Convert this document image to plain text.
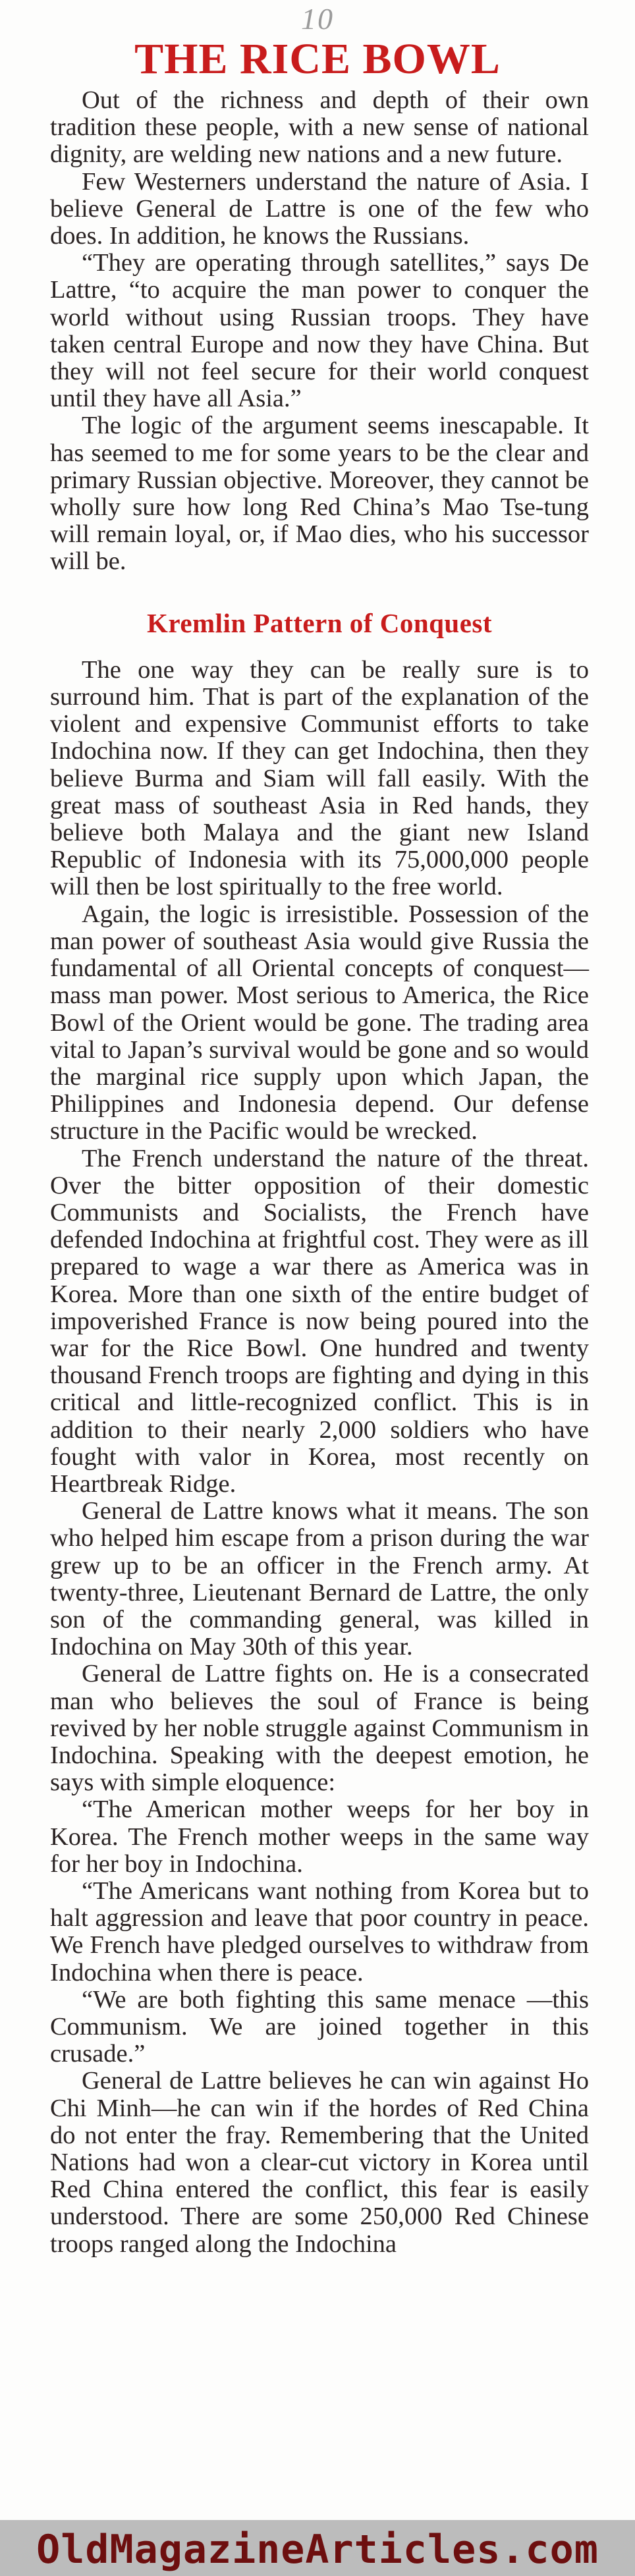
10
THE RICE BOWL

Out of the richness and depth of their own tradition these people, with a new sense of national dignity, are welding new nations and a new future.

Few Westerners understand the nature of Asia. I believe General de Lattre is one of the few who does. In addition, he knows the Russians.

“They are operating through satellites,” says De Lattre, “to acquire the man power to conquer the world without using Russian troops. They have taken central Europe and now they have China. But they will not feel secure for their world conquest until they have all Asia.”

The logic of the argument seems inescapable. It has seemed to me for some years to be the clear and primary Russian objective. Moreover, they cannot be wholly sure how long Red China’s Mao Tse-tung will remain loyal, or, if Mao dies, who his successor will be.

Kremlin Pattern of Conquest

The one way they can be really sure is to surround him. That is part of the explanation of the violent and expensive Communist efforts to take Indochina now. If they can get Indochina, then they believe Burma and Siam will fall easily. With the great mass of southeast Asia in Red hands, they believe both Malaya and the giant new Island Republic of Indonesia with its 75,000,000 people will then be lost spiritually to the free world.

Again, the logic is irresistible. Possession of the man power of southeast Asia would give Russia the fundamental of all Oriental concepts of conquest—mass man power. Most serious to America, the Rice Bowl of the Orient would be gone. The trading area vital to Japan’s survival would be gone and so would the marginal rice supply upon which Japan, the Philippines and Indonesia depend. Our defense structure in the Pacific would be wrecked.

The French understand the nature of the threat. Over the bitter opposition of their domestic Communists and Socialists, the French have defended Indochina at frightful cost. They were as ill prepared to wage a war there as America was in Korea. More than one sixth of the entire budget of impoverished France is now being poured into the war for the Rice Bowl. One hundred and twenty thousand French troops are fighting and dying in this critical and little-recognized conflict. This is in addition to their nearly 2,000 soldiers who have fought with valor in Korea, most recently on Heartbreak Ridge.

General de Lattre knows what it means. The son who helped him escape from a prison during the war grew up to be an officer in the French army. At twenty-three, Lieutenant Bernard de Lattre, the only son of the commanding general, was killed in Indochina on May 30th of this year.

General de Lattre fights on. He is a consecrated man who believes the soul of France is being revived by her noble struggle against Communism in Indochina. Speaking with the deepest emotion, he says with simple eloquence:

“The American mother weeps for her boy in Korea. The French mother weeps in the same way for her boy in Indochina.

“The Americans want nothing from Korea but to halt aggression and leave that poor country in peace. We French have pledged ourselves to withdraw from Indochina when there is peace.

“We are both fighting this same menace —this Communism. We are joined together in this crusade.”

General de Lattre believes he can win against Ho Chi Minh—he can win if the hordes of Red China do not enter the fray. Remembering that the United Nations had won a clear-cut victory in Korea until Red China entered the conflict, this fear is easily understood. There are some 250,000 Red Chinese troops ranged along the Indochina

OldMagazineArticles.com
